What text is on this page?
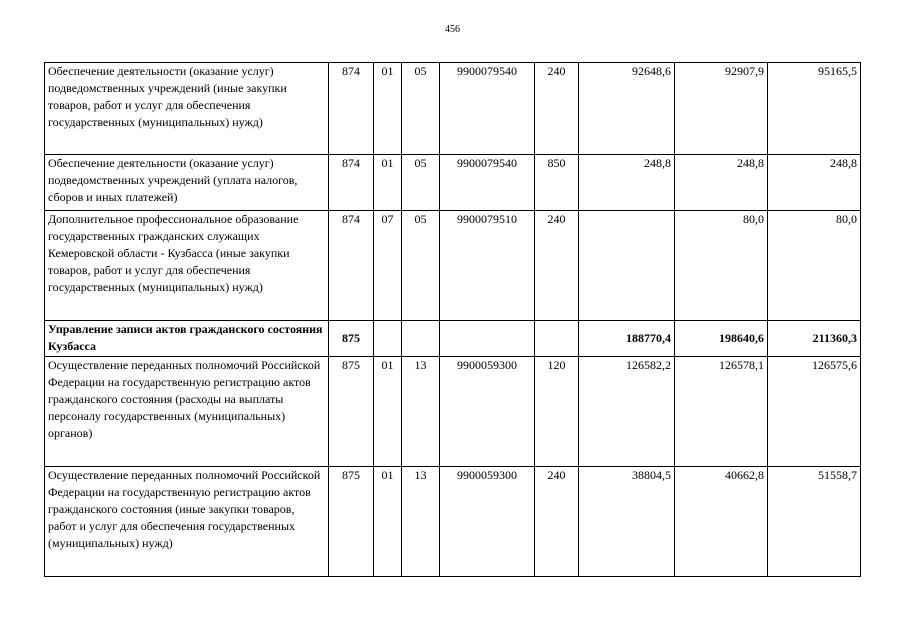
456
Обеспечение деятельности (оказание услуг) подведомственных учреждений (иные закупки товаров, работ и услуг для обеспечения государственных (муниципальных) нужд)	874	01	05	9900079540	240	92648,6	92907,9	95165,5
Обеспечение деятельности (оказание услуг) подведомственных учреждений (уплата налогов, сборов и иных платежей)	874	01	05	9900079540	850	248,8	248,8	248,8
Дополнительное профессиональное образование государственных гражданских служащих Кемеровской области - Кузбасса (иные закупки товаров, работ и услуг для обеспечения государственных (муниципальных) нужд)	874	07	05	9900079510	240		80,0	80,0
Управление записи актов гражданского состояния Кузбасса	875					188770,4	198640,6	211360,3
Осуществление переданных полномочий Российской Федерации на государственную регистрацию актов гражданского состояния (расходы на выплаты персоналу государственных (муниципальных) органов)	875	01	13	9900059300	120	126582,2	126578,1	126575,6
Осуществление переданных полномочий Российской Федерации на государственную регистрацию актов гражданского состояния (иные закупки товаров, работ и услуг для обеспечения государственных (муниципальных) нужд)	875	01	13	9900059300	240	38804,5	40662,8	51558,7
